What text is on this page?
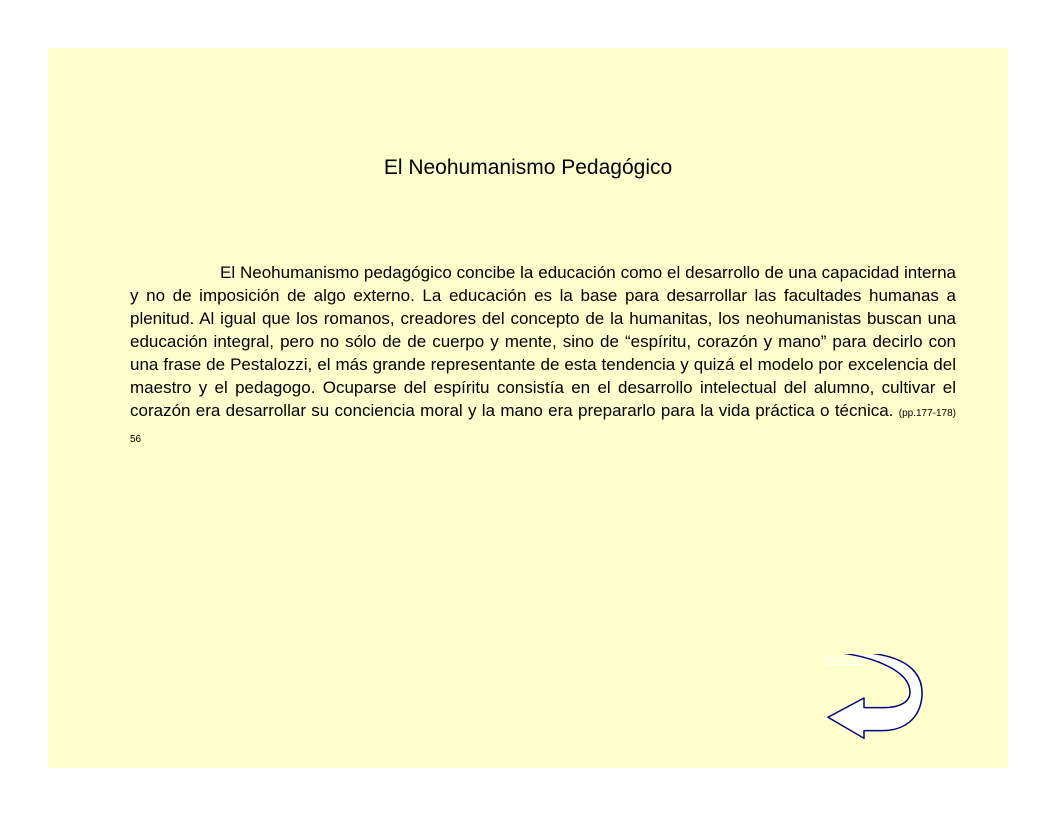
El Neohumanismo Pedagógico

El Neohumanismo pedagógico concibe la educación como el desarrollo de una capacidad interna y no de imposición de algo externo. La educación es la base para desarrollar las facultades humanas a plenitud. Al igual que los romanos, creadores del concepto de la humanitas, los neohumanistas buscan una educación integral, pero no sólo de de cuerpo y mente, sino de “espíritu, corazón y mano” para decirlo con una frase de Pestalozzi, el más grande representante de esta tendencia y quizá el modelo por excelencia del maestro y el pedagogo. Ocuparse del espíritu consistía en el desarrollo intelectual del alumno, cultivar el corazón era desarrollar su conciencia moral y la mano era prepararlo para la vida práctica o técnica. (pp.177-178) 56

Regreso
